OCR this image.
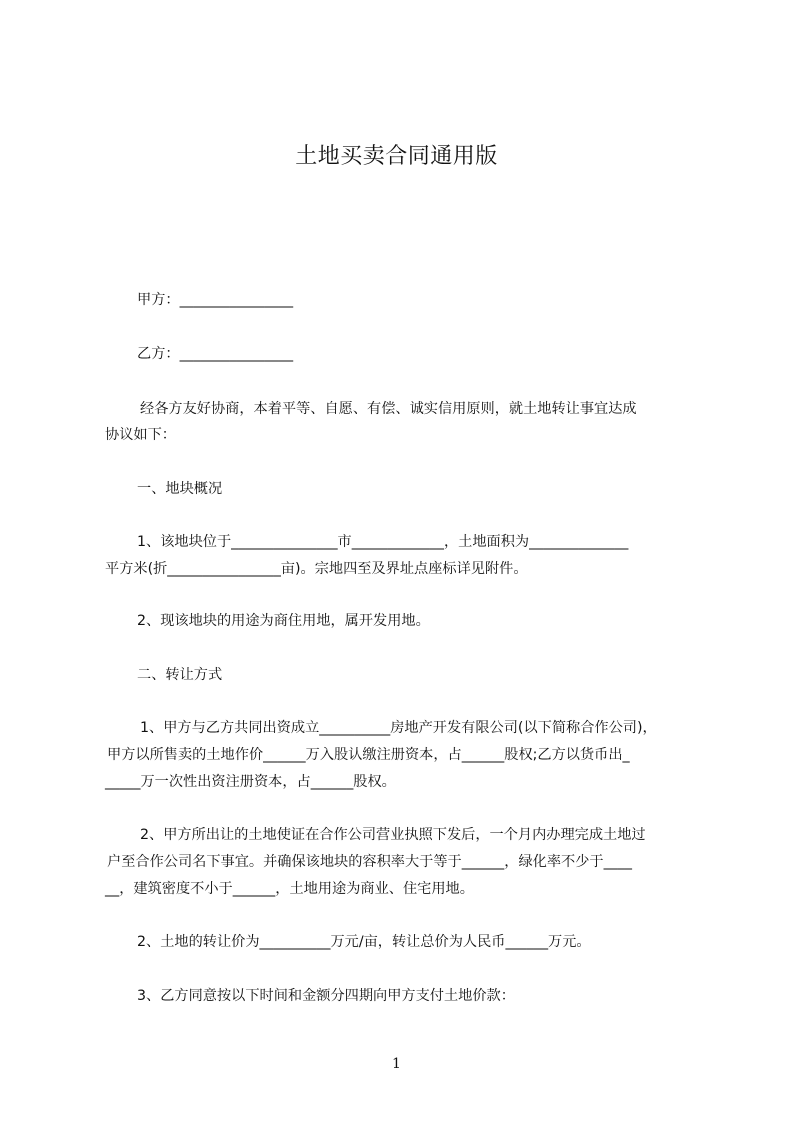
土地买卖合同通用版
甲方：________________
乙方：________________
经各方友好协商，本着平等、自愿、有偿、诚实信用原则，就土地转让事宜达成
协议如下：
一、地块概况
1、该地块位于_______________市_____________，土地面积为______________
平方米(折________________亩)。宗地四至及界址点座标详见附件。
2、现该地块的用途为商住用地，属开发用地。
二、转让方式
1、甲方与乙方共同出资成立__________房地产开发有限公司(以下简称合作公司)，
甲方以所售卖的土地作价______万入股认缴注册资本，占______股权;乙方以货币出_
_____万一次性出资注册资本，占______股权。
2、甲方所出让的土地使证在合作公司营业执照下发后，一个月内办理完成土地过
户至合作公司名下事宜。并确保该地块的容积率大于等于______，绿化率不少于____
__，建筑密度不小于______，土地用途为商业、住宅用地。
2、土地的转让价为__________万元/亩，转让总价为人民币______万元。
3、乙方同意按以下时间和金额分四期向甲方支付土地价款：
1
